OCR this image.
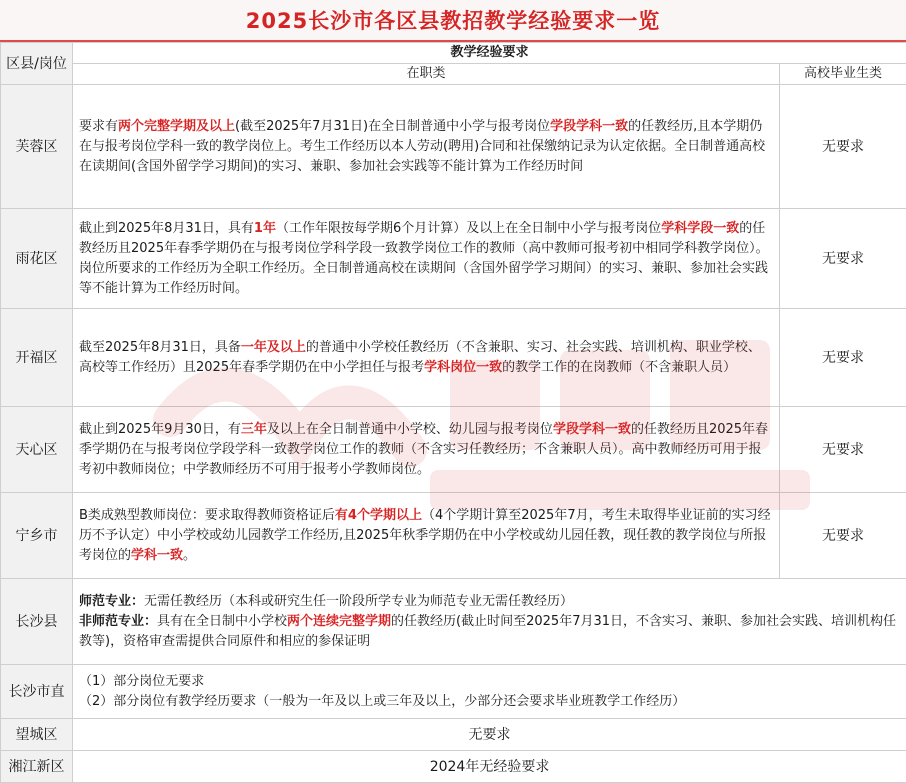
2025长沙市各区县教招教学经验要求一览
区县/岗位	教学经验要求	
	在职类	高校毕业生类
芙蓉区	要求有两个完整学期及以上(截至2025年7月31日)在全日制普通中小学与报考岗位学段学科一致的任教经历,且本学期仍在与报考岗位学科一致的教学岗位上。考生工作经历以本人劳动(聘用)合同和社保缴纳记录为认定依据。全日制普通高校在读期间(含国外留学学习期间)的实习、兼职、参加社会实践等不能计算为工作经历时间	无要求
雨花区	截止到2025年8月31日，具有1年（工作年限按每学期6个月计算）及以上在全日制中小学与报考岗位学科学段一致的任教经历且2025年春季学期仍在与报考岗位学科学段一致教学岗位工作的教师（高中教师可报考初中相同学科教学岗位）。岗位所要求的工作经历为全职工作经历。全日制普通高校在读期间（含国外留学学习期间）的实习、兼职、参加社会实践等不能计算为工作经历时间。	无要求
开福区	截至2025年8月31日，具备一年及以上的普通中小学校任教经历（不含兼职、实习、社会实践、培训机构、职业学校、高校等工作经历）且2025年春季学期仍在中小学担任与报考学科岗位一致的教学工作的在岗教师（不含兼职人员）	无要求
天心区	截止到2025年9月30日，有三年及以上在全日制普通中小学校、幼儿园与报考岗位学段学科一致的任教经历且2025年春季学期仍在与报考岗位学段学科一致教学岗位工作的教师（不含实习任教经历；不含兼职人员）。高中教师经历可用于报考初中教师岗位；中学教师经历不可用于报考小学教师岗位。	无要求
宁乡市	B类成熟型教师岗位：要求取得教师资格证后有4个学期以上（4个学期计算至2025年7月，考生未取得毕业证前的实习经历不予认定）中小学校或幼儿园教学工作经历,且2025年秋季学期仍在中小学校或幼儿园任教，现任教的教学岗位与所报考岗位的学科一致。	无要求
长沙县	师范专业：无需任教经历（本科或研究生任一阶段所学专业为师范专业无需任教经历）
非师范专业：具有在全日制中小学校两个连续完整学期的任教经历(截止时间至2025年7月31日，不含实习、兼职、参加社会实践、培训机构任教等)，资格审查需提供合同原件和相应的参保证明	

长沙市直	（1）部分岗位无要求
（2）部分岗位有教学经历要求（一般为一年及以上或三年及以上，少部分还会要求毕业班教学工作经历）	

望城区	无要求	
湘江新区	2024年无经验要求	
